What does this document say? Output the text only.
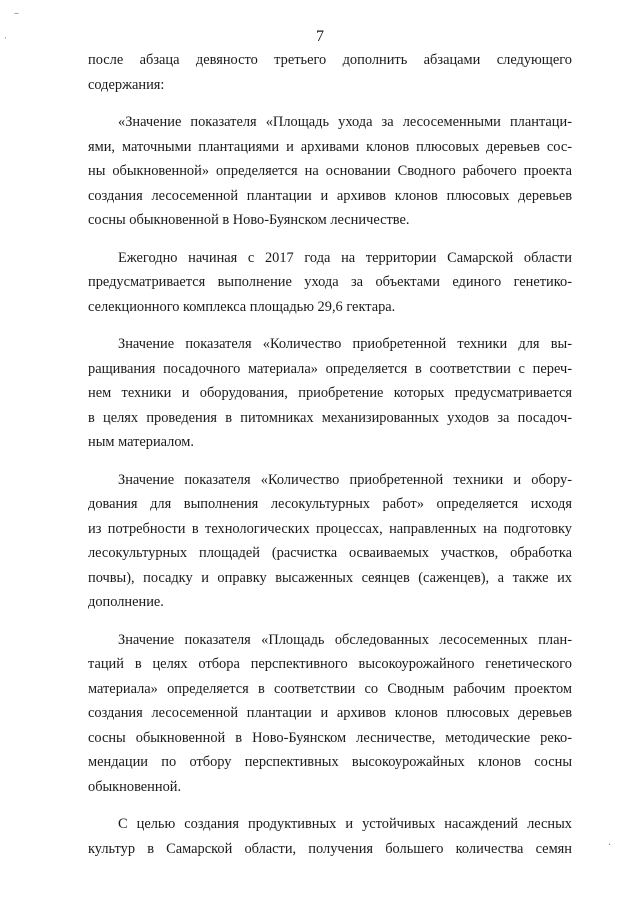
–
·
·
7
после абзаца девяносто третьего дополнить абзацами следующего
содержания:
«Значение показателя «Площадь ухода за лесосеменными плантаци-
ями, маточными плантациями и архивами клонов плюсовых деревьев сос-
ны обыкновенной» определяется на основании Сводного рабочего проекта
создания лесосеменной плантации и архивов клонов плюсовых деревьев
сосны обыкновенной в Ново-Буянском лесничестве.
Ежегодно начиная с 2017 года на территории Самарской области
предусматривается выполнение ухода за объектами единого генетико-
селекционного комплекса площадью 29,6 гектара.
Значение показателя «Количество приобретенной техники для вы-
ращивания посадочного материала» определяется в соответствии с переч-
нем техники и оборудования, приобретение которых предусматривается
в целях проведения в питомниках механизированных уходов за посадоч-
ным материалом.
Значение показателя «Количество приобретенной техники и обору-
дования для выполнения лесокультурных работ» определяется исходя
из потребности в технологических процессах, направленных на подготовку
лесокультурных площадей (расчистка осваиваемых участков, обработка
почвы), посадку и оправку высаженных сеянцев (саженцев), а также их
дополнение.
Значение показателя «Площадь обследованных лесосеменных план-
таций в целях отбора перспективного высокоурожайного генетического
материала» определяется в соответствии со Сводным рабочим проектом
создания лесосеменной плантации и архивов клонов плюсовых деревьев
сосны обыкновенной в Ново-Буянском лесничестве, методические реко-
мендации по отбору перспективных высокоурожайных клонов сосны
обыкновенной.
С целью создания продуктивных и устойчивых насаждений лесных
культур в Самарской области, получения большего количества семян
